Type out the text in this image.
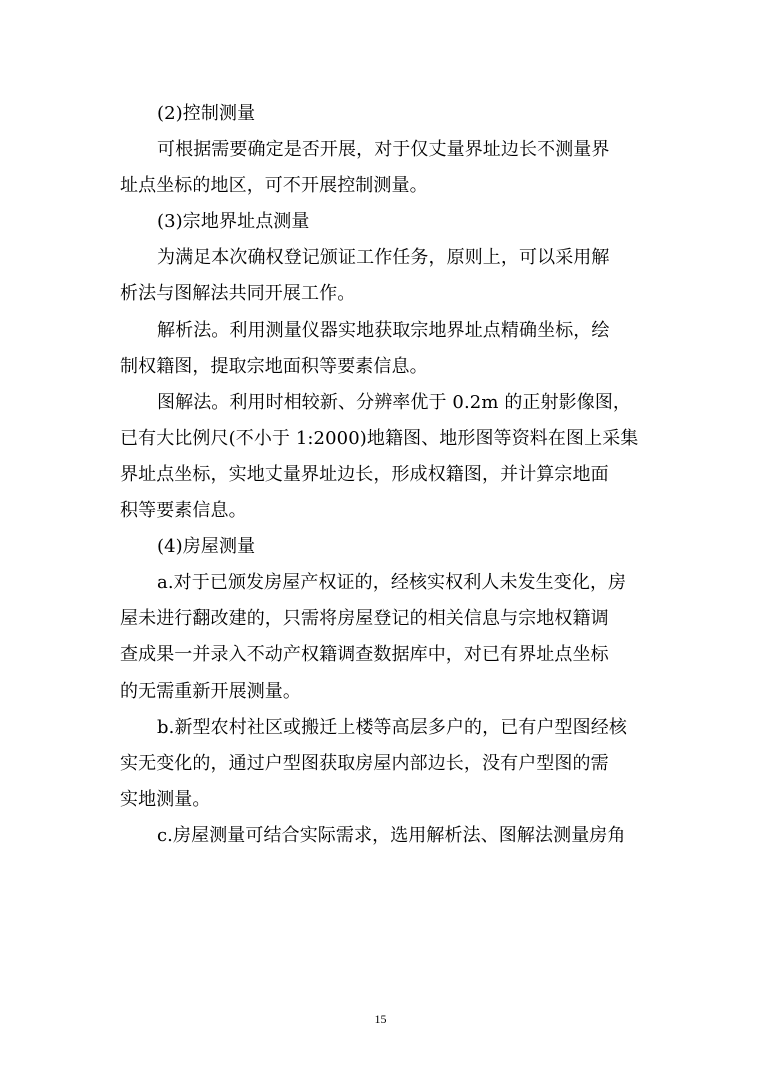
(2)控制测量
可根据需要确定是否开展，对于仅丈量界址边长不测量界
址点坐标的地区，可不开展控制测量。
(3)宗地界址点测量
为满足本次确权登记颁证工作任务，原则上，可以采用解
析法与图解法共同开展工作。
解析法。利用测量仪器实地获取宗地界址点精确坐标，绘
制权籍图，提取宗地面积等要素信息。
图解法。利用时相较新、分辨率优于 0.2m 的正射影像图，
已有大比例尺(不小于 1:2000)地籍图、地形图等资料在图上采集
界址点坐标，实地丈量界址边长，形成权籍图，并计算宗地面
积等要素信息。
(4)房屋测量
a.对于已颁发房屋产权证的，经核实权利人未发生变化，房
屋未进行翻改建的，只需将房屋登记的相关信息与宗地权籍调
查成果一并录入不动产权籍调查数据库中，对已有界址点坐标
的无需重新开展测量。
b.新型农村社区或搬迁上楼等高层多户的，已有户型图经核
实无变化的，通过户型图获取房屋内部边长，没有户型图的需
实地测量。
c.房屋测量可结合实际需求，选用解析法、图解法测量房角
15
